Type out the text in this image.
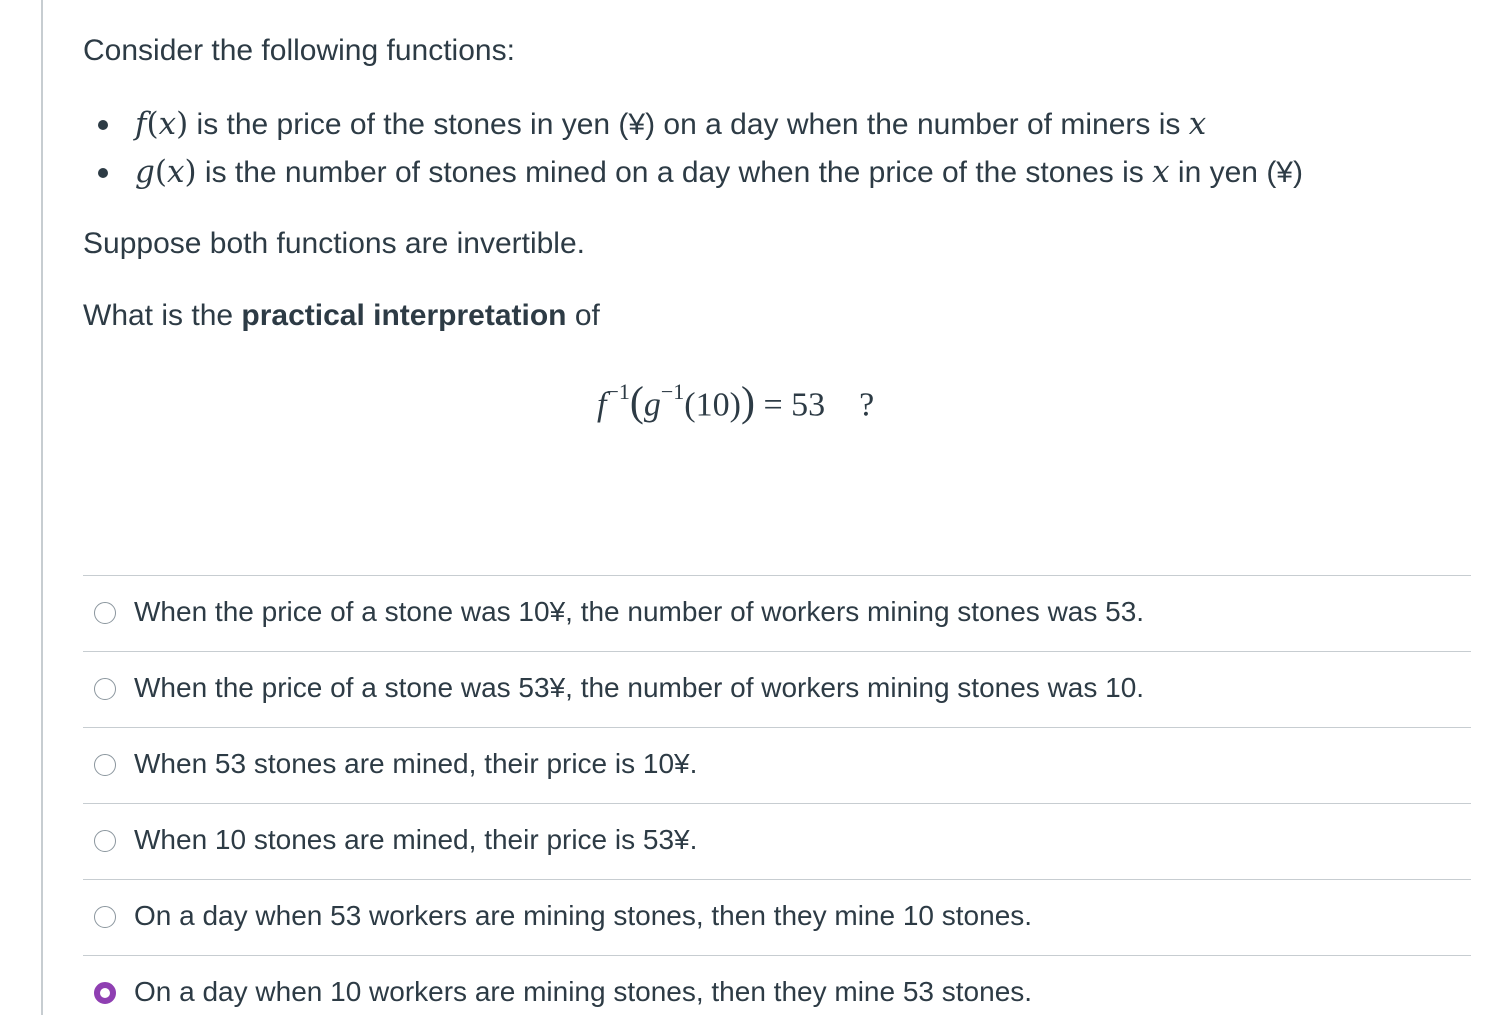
Consider the following functions:

f(x) is the price of the stones in yen (¥) on a day when the number of miners is x
g(x) is the number of stones mined on a day when the price of the stones is x in yen (¥)

Suppose both functions are invertible.

What is the practical interpretation of

$f^{-1}(g^{-1}(10)) = 53$ ?
When the price of a stone was 10¥, the number of workers mining stones was 53.
When the price of a stone was 53¥, the number of workers mining stones was 10.
When 53 stones are mined, their price is 10¥.
When 10 stones are mined, their price is 53¥.
On a day when 53 workers are mining stones, then they mine 10 stones.
On a day when 10 workers are mining stones, then they mine 53 stones.
